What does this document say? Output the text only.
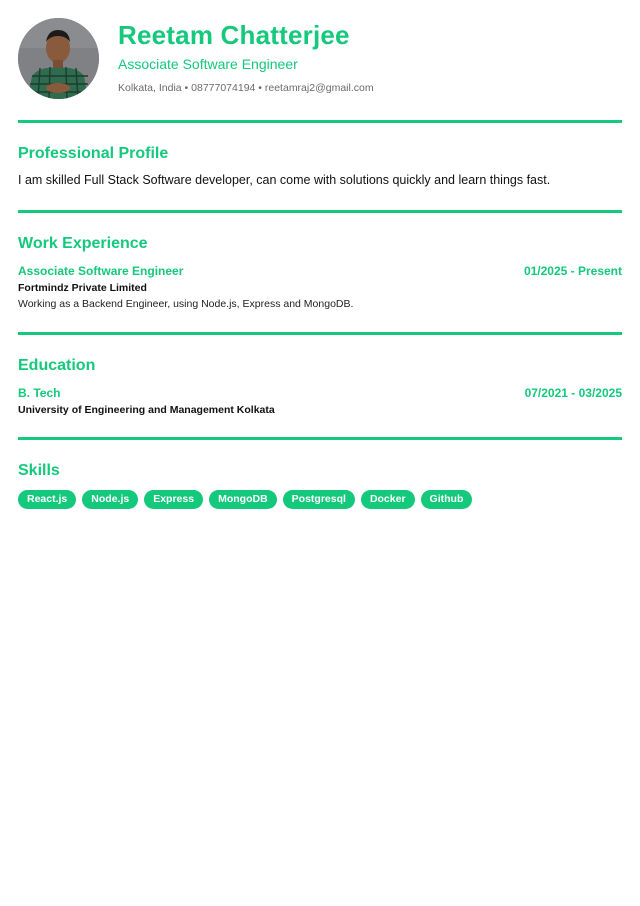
Reetam Chatterjee
Associate Software Engineer
Kolkata, India • 08777074194 • reetamraj2@gmail.com
Professional Profile
I am skilled Full Stack Software developer, can come with solutions quickly and learn things fast.
Work Experience
Associate Software Engineer	01/2025 - Present
Fortmindz Private Limited
Working as a Backend Engineer, using Node.js, Express and MongoDB.
Education
B. Tech	07/2021 - 03/2025
University of Engineering and Management Kolkata
Skills
React.js	Node.js	Express	MongoDB	Postgresql	Docker	Github
